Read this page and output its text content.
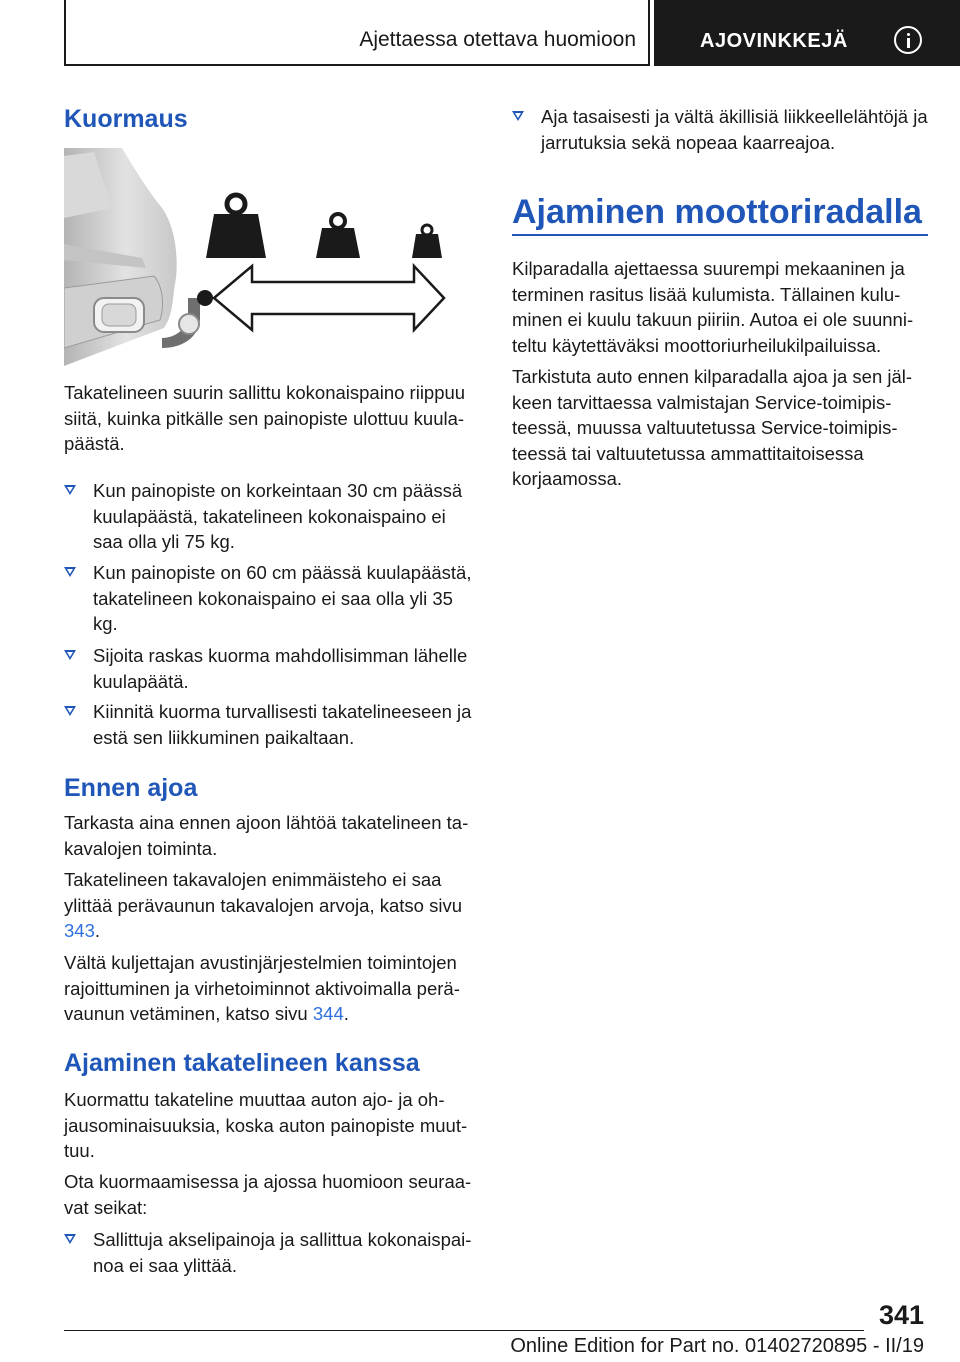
Ajettaessa otettava huomioon	AJOVINKKEJÄ
Kuormaus

Takatelineen suurin sallittu kokonaispaino riippuu siitä, kuinka pitkälle sen painopiste ulottuu kuulapäästä.

Kun painopiste on korkeintaan 30 cm päässä kuulapäästä, takatelineen kokonaispaino ei saa olla yli 75 kg.
Kun painopiste on 60 cm päässä kuulapäästä, takatelineen kokonaispaino ei saa olla yli 35 kg.
Sijoita raskas kuorma mahdollisimman lähelle kuulapäätä.
Kiinnitä kuorma turvallisesti takatelineeseen ja estä sen liikkuminen paikaltaan.
Ennen ajoa

Tarkasta aina ennen ajoon lähtöä takatelineen takavalojen toiminta.

Takatelineen takavalojen enimmäisteho ei saa ylittää perävaunun takavalojen arvoja, katso sivu 343.

Vältä kuljettajan avustinjärjestelmien toimintojen rajoittuminen ja virhetoiminnot aktivoimalla perävaunun vetäminen, katso sivu 344.

Ajaminen takatelineen kanssa

Kuormattu takateline muuttaa auton ajo- ja ohjausominaisuuksia, koska auton painopiste muuttuu.

Ota kuormaamisessa ja ajossa huomioon seuraavat seikat:

Sallittuja akselipainoja ja sallittua kokonaispainoa ei saa ylittää.
Aja tasaisesti ja vältä äkillisiä liikkeellelähtöjä ja jarrutuksia sekä nopeaa kaarreajoa.
Ajaminen moottoriradalla

Kilparadalla ajettaessa suurempi mekaaninen ja terminen rasitus lisää kulumista. Tällainen kuluminen ei kuulu takuun piiriin. Autoa ei ole suunniteltu käytettäväksi moottoriurheilukilpailuissa.

Tarkistuta auto ennen kilparadalla ajoa ja sen jälkeen tarvittaessa valmistajan Service-toimipisteessä, muussa valtuutetussa Service-toimipisteessä tai valtuutetussa ammattitaitoisessa korjaamossa.

341
Online Edition for Part no. 01402720895 - II/19
